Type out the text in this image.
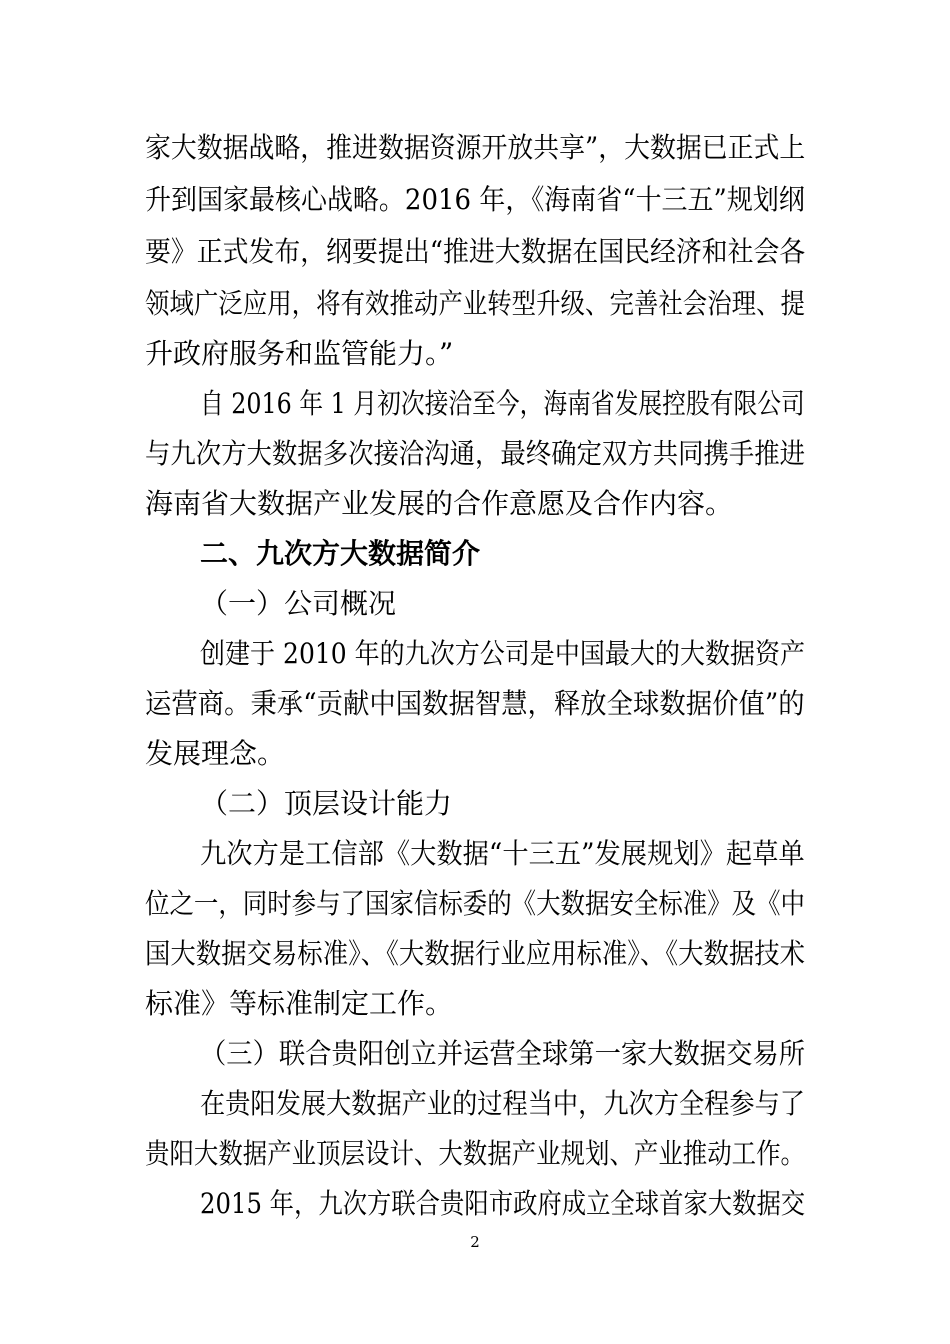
家大数据战略，推进数据资源开放共享”，大数据已正式上
升到国家最核心战略。2016 年，《海南省“十三五”规划纲
要》正式发布，纲要提出“推进大数据在国民经济和社会各
领域广泛应用，将有效推动产业转型升级、完善社会治理、提
升政府服务和监管能力。”
自 2016 年 1 月初次接洽至今，海南省发展控股有限公司
与九次方大数据多次接洽沟通，最终确定双方共同携手推进
海南省大数据产业发展的合作意愿及合作内容。
二、九次方大数据简介
（一）公司概况
创建于 2010 年的九次方公司是中国最大的大数据资产
运营商。秉承“贡献中国数据智慧，释放全球数据价值”的
发展理念。
（二）顶层设计能力
九次方是工信部《大数据“十三五”发展规划》起草单
位之一，同时参与了国家信标委的《大数据安全标准》及《中
国大数据交易标准》、《大数据行业应用标准》、《大数据技术
标准》等标准制定工作。
（三）联合贵阳创立并运营全球第一家大数据交易所
在贵阳发展大数据产业的过程当中，九次方全程参与了
贵阳大数据产业顶层设计、大数据产业规划、产业推动工作。
2015 年，九次方联合贵阳市政府成立全球首家大数据交
2
